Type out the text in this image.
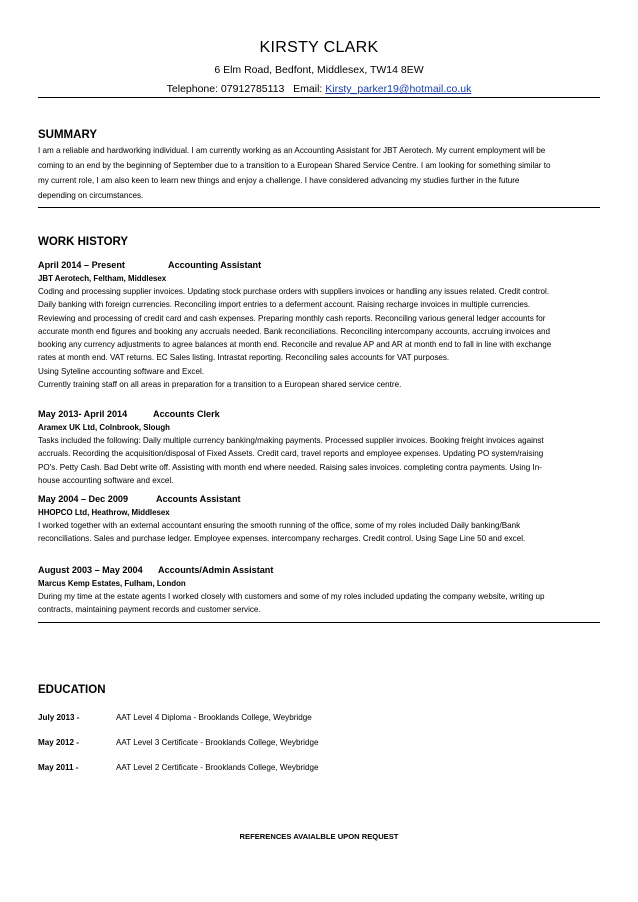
KIRSTY CLARK
6 Elm Road, Bedfont, Middlesex, TW14 8EW
Telephone: 07912785113 Email: Kirsty_parker19@hotmail.co.uk
SUMMARY
I am a reliable and hardworking individual. I am currently working as an Accounting Assistant for JBT Aerotech. My current employment will be
coming to an end by the beginning of September due to a transition to a European Shared Service Centre. I am looking for something similar to
my current role, I am also keen to learn new things and enjoy a challenge. I have considered advancing my studies further in the future
depending on circumstances.
WORK HISTORY
April 2014 – Present	Accounting Assistant
JBT Aerotech, Feltham, Middlesex
Coding and processing supplier invoices. Updating stock purchase orders with suppliers invoices or handling any issues related. Credit control.
Daily banking with foreign currencies. Reconciling import entries to a deferment account. Raising recharge invoices in multiple currencies.
Reviewing and processing of credit card and cash expenses. Preparing monthly cash reports. Reconciling various general ledger accounts for
accurate month end figures and booking any accruals needed. Bank reconciliations. Reconciling intercompany accounts, accruing invoices and
booking any currency adjustments to agree balances at month end. Reconcile and revalue AP and AR at month end to fall in line with exchange
rates at month end. VAT returns. EC Sales listing. Intrastat reporting. Reconciling sales accounts for VAT purposes.
Using Syteline accounting software and Excel.
Currently training staff on all areas in preparation for a transition to a European shared service centre.
May 2013- April 2014	Accounts Clerk
Aramex UK Ltd, Colnbrook, Slough
Tasks included the following: Daily multiple currency banking/making payments. Processed supplier invoices. Booking freight invoices against
accruals. Recording the acquisition/disposal of Fixed Assets. Credit card, travel reports and employee expenses. Updating PO system/raising
PO's. Petty Cash. Bad Debt write off. Assisting with month end where needed. Raising sales invoices. completing contra payments. Using In-
house accounting software and excel.
May 2004 – Dec 2009	Accounts Assistant
HHOPCO Ltd, Heathrow, Middlesex
I worked together with an external accountant ensuring the smooth running of the office, some of my roles included Daily banking/Bank
reconciliations. Sales and purchase ledger. Employee expenses. intercompany recharges. Credit control. Using Sage Line 50 and excel.
August 2003 – May 2004 Accounts/Admin Assistant
Marcus Kemp Estates, Fulham, London
During my time at the estate agents I worked closely with customers and some of my roles included updating the company website, writing up
contracts, maintaining payment records and customer service.
EDUCATION
July 2013 -	AAT Level 4 Diploma - Brooklands College, Weybridge
May 2012 -	AAT Level 3 Certificate - Brooklands College, Weybridge
May 2011 -	AAT Level 2 Certificate - Brooklands College, Weybridge
REFERENCES AVAIALBLE UPON REQUEST
